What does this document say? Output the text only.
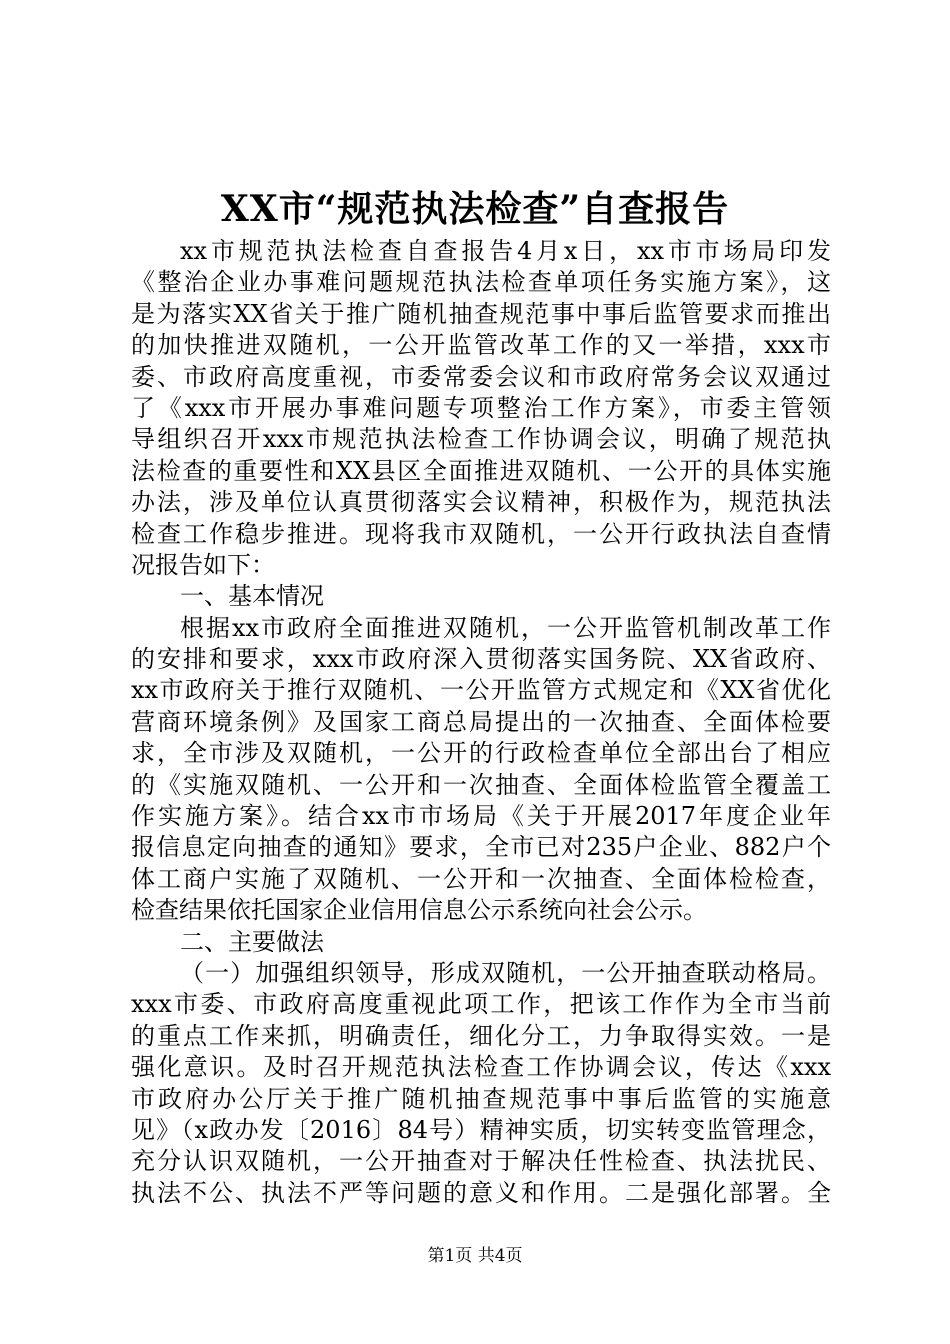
XX市“规范执法检查”自查报告
xx市规范执法检查自查报告4月x日，xx市市场局印发
《整治企业办事难问题规范执法检查单项任务实施方案》，这
是为落实XX省关于推广随机抽查规范事中事后监管要求而推出
的加快推进双随机，一公开监管改革工作的又一举措，xxx市
委、市政府高度重视，市委常委会议和市政府常务会议双通过
了《xxx市开展办事难问题专项整治工作方案》，市委主管领
导组织召开xxx市规范执法检查工作协调会议，明确了规范执
法检查的重要性和XX县区全面推进双随机、一公开的具体实施
办法，涉及单位认真贯彻落实会议精神，积极作为，规范执法
检查工作稳步推进。现将我市双随机，一公开行政执法自查情
况报告如下：
一、基本情况
根据xx市政府全面推进双随机，一公开监管机制改革工作
的安排和要求，xxx市政府深入贯彻落实国务院、XX省政府、
xx市政府关于推行双随机、一公开监管方式规定和《XX省优化
营商环境条例》及国家工商总局提出的一次抽查、全面体检要
求，全市涉及双随机，一公开的行政检查单位全部出台了相应
的《实施双随机、一公开和一次抽查、全面体检监管全覆盖工
作实施方案》。结合xx市市场局《关于开展2017年度企业年
报信息定向抽查的通知》要求，全市已对235户企业、882户个
体工商户实施了双随机、一公开和一次抽查、全面体检检查，
检查结果依托国家企业信用信息公示系统向社会公示。
二、主要做法
（一）加强组织领导，形成双随机，一公开抽查联动格局。
xxx市委、市政府高度重视此项工作，把该工作作为全市当前
的重点工作来抓，明确责任，细化分工，力争取得实效。一是
强化意识。及时召开规范执法检查工作协调会议，传达《xxx
市政府办公厅关于推广随机抽查规范事中事后监管的实施意
见》（x政办发〔2016〕84号）精神实质，切实转变监管理念，
充分认识双随机，一公开抽查对于解决任性检查、执法扰民、
执法不公、执法不严等问题的意义和作用。二是强化部署。全
第1页 共4页
